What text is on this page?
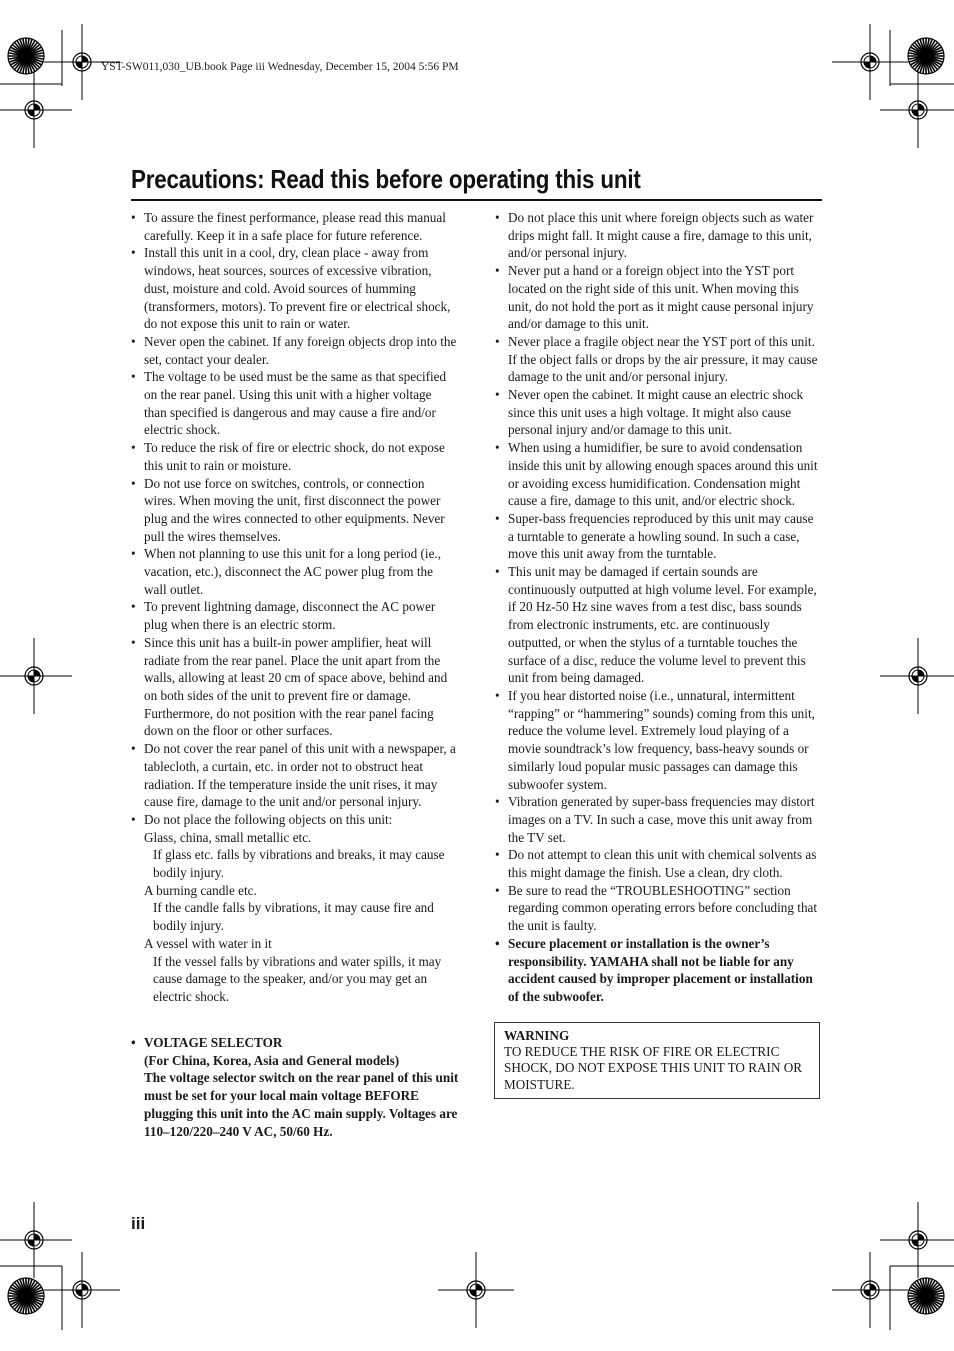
YST-SW011,030_UB.book Page iii Wednesday, December 15, 2004 5:56 PM
Precautions: Read this before operating this unit
• To assure the finest performance, please read this manual carefully. Keep it in a safe place for future reference.
• Install this unit in a cool, dry, clean place - away from windows, heat sources, sources of excessive vibration, dust, moisture and cold. Avoid sources of humming (transformers, motors). To prevent fire or electrical shock, do not expose this unit to rain or water.
• Never open the cabinet. If any foreign objects drop into the set, contact your dealer.
• The voltage to be used must be the same as that specified on the rear panel. Using this unit with a higher voltage than specified is dangerous and may cause a fire and/or electric shock.
• To reduce the risk of fire or electric shock, do not expose this unit to rain or moisture.
• Do not use force on switches, controls, or connection wires. When moving the unit, first disconnect the power plug and the wires connected to other equipments. Never pull the wires themselves.
• When not planning to use this unit for a long period (ie., vacation, etc.), disconnect the AC power plug from the wall outlet.
• To prevent lightning damage, disconnect the AC power plug when there is an electric storm.
• Since this unit has a built-in power amplifier, heat will radiate from the rear panel. Place the unit apart from the walls, allowing at least 20 cm of space above, behind and on both sides of the unit to prevent fire or damage. Furthermore, do not position with the rear panel facing down on the floor or other surfaces.
• Do not cover the rear panel of this unit with a newspaper, a tablecloth, a curtain, etc. in order not to obstruct heat radiation. If the temperature inside the unit rises, it may cause fire, damage to the unit and/or personal injury.
• Do not place the following objects on this unit:
Glass, china, small metallic etc.
If glass etc. falls by vibrations and breaks, it may cause bodily injury.
A burning candle etc.
If the candle falls by vibrations, it may cause fire and bodily injury.
A vessel with water in it
If the vessel falls by vibrations and water spills, it may cause damage to the speaker, and/or you may get an electric shock.
• VOLTAGE SELECTOR
(For China, Korea, Asia and General models)
The voltage selector switch on the rear panel of this unit must be set for your local main voltage BEFORE plugging this unit into the AC main supply. Voltages are 110–120/220–240 V AC, 50/60 Hz.
• Do not place this unit where foreign objects such as water drips might fall. It might cause a fire, damage to this unit, and/or personal injury.
• Never put a hand or a foreign object into the YST port located on the right side of this unit. When moving this unit, do not hold the port as it might cause personal injury and/or damage to this unit.
• Never place a fragile object near the YST port of this unit. If the object falls or drops by the air pressure, it may cause damage to the unit and/or personal injury.
• Never open the cabinet. It might cause an electric shock since this unit uses a high voltage. It might also cause personal injury and/or damage to this unit.
• When using a humidifier, be sure to avoid condensation inside this unit by allowing enough spaces around this unit or avoiding excess humidification. Condensation might cause a fire, damage to this unit, and/or electric shock.
• Super-bass frequencies reproduced by this unit may cause a turntable to generate a howling sound. In such a case, move this unit away from the turntable.
• This unit may be damaged if certain sounds are continuously outputted at high volume level. For example, if 20 Hz-50 Hz sine waves from a test disc, bass sounds from electronic instruments, etc. are continuously outputted, or when the stylus of a turntable touches the surface of a disc, reduce the volume level to prevent this unit from being damaged.
• If you hear distorted noise (i.e., unnatural, intermittent “rapping” or “hammering” sounds) coming from this unit, reduce the volume level. Extremely loud playing of a movie soundtrack’s low frequency, bass-heavy sounds or similarly loud popular music passages can damage this subwoofer system.
• Vibration generated by super-bass frequencies may distort images on a TV. In such a case, move this unit away from the TV set.
• Do not attempt to clean this unit with chemical solvents as this might damage the finish. Use a clean, dry cloth.
• Be sure to read the “TROUBLESHOOTING” section regarding common operating errors before concluding that the unit is faulty.
• Secure placement or installation is the owner’s responsibility. YAMAHA shall not be liable for any accident caused by improper placement or installation of the subwoofer.
WARNING
TO REDUCE THE RISK OF FIRE OR ELECTRIC SHOCK, DO NOT EXPOSE THIS UNIT TO RAIN OR MOISTURE.
iii
